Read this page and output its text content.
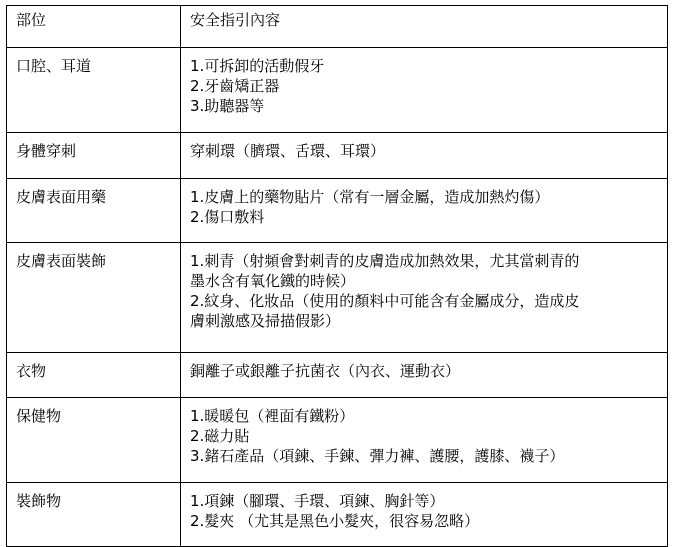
部位	安全指引內容
口腔、耳道	1.可拆卸的活動假牙
2.牙齒矯正器
3.助聽器等

身體穿刺	穿刺環（臍環、舌環、耳環）

皮膚表面用藥	1.皮膚上的藥物貼片（常有一層金屬，造成加熱灼傷）
2.傷口敷料

皮膚表面裝飾	1.刺青（射頻會對刺青的皮膚造成加熱效果，尤其當刺青的
墨水含有氧化鐵的時候）
2.紋身、化妝品（使用的顏料中可能含有金屬成分，造成皮
膚刺激感及掃描假影）

衣物	銅離子或銀離子抗菌衣（內衣、運動衣）

保健物	1.暖暖包（裡面有鐵粉）
2.磁力貼
3.鍺石產品（項鍊、手鍊、彈力褲、護腰，護膝、襪子）

裝飾物	1.項鍊（腳環、手環、項鍊、胸針等）
2.髮夾 （尤其是黑色小髮夾，很容易忽略）
